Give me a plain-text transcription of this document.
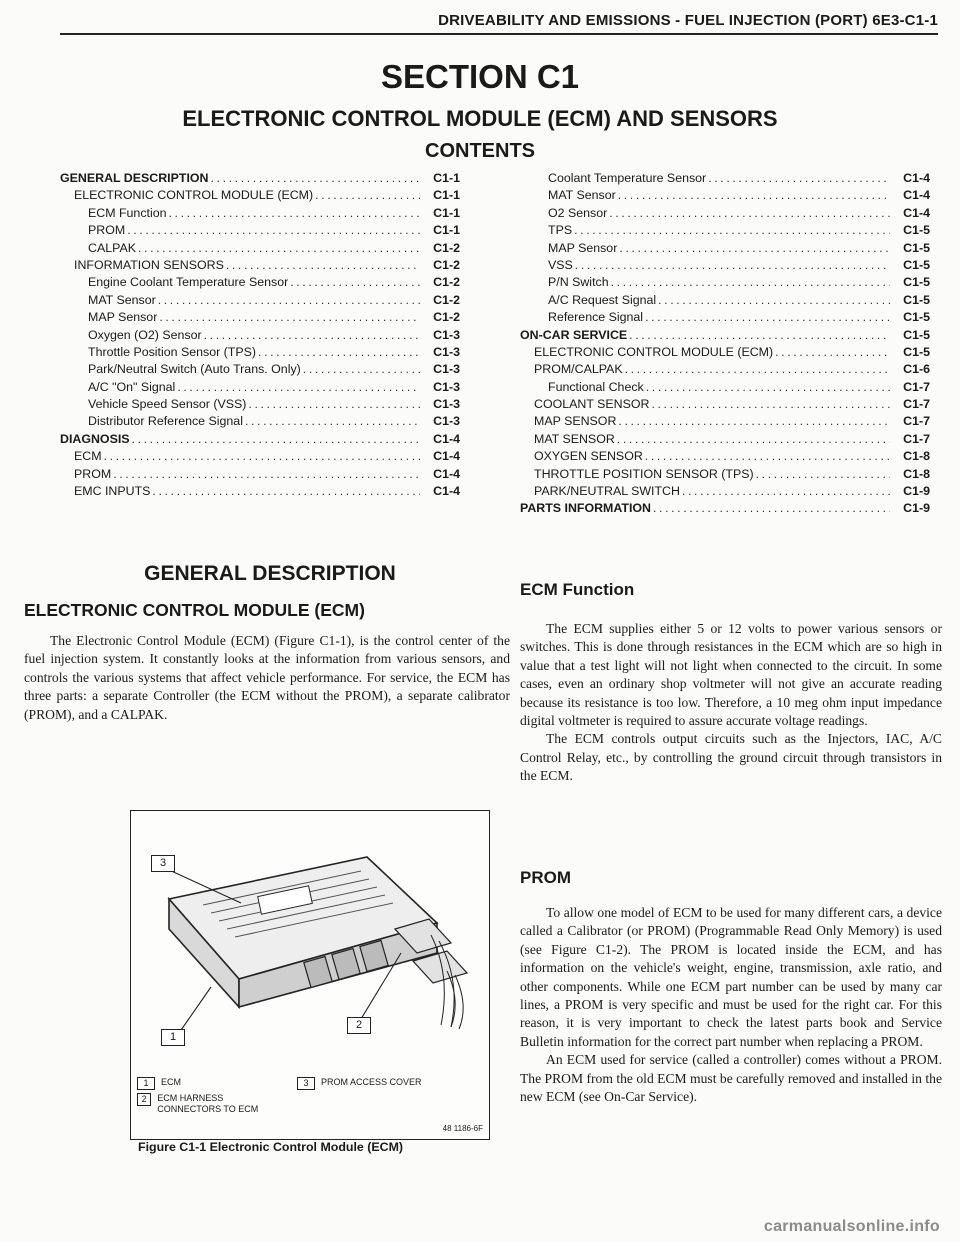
DRIVEABILITY AND EMISSIONS - FUEL INJECTION (PORT) 6E3-C1-1
SECTION C1
ELECTRONIC CONTROL MODULE (ECM) AND SENSORS
CONTENTS
GENERAL DESCRIPTION .....	C1-1
ELECTRONIC CONTROL MODULE (ECM) .....	C1-1
ECM Function .....	C1-1
PROM .....	C1-1
CALPAK .....	C1-2
INFORMATION SENSORS .....	C1-2
Engine Coolant Temperature Sensor .....	C1-2
MAT Sensor .....	C1-2
MAP Sensor .....	C1-2
Oxygen (O2) Sensor .....	C1-3
Throttle Position Sensor (TPS) .....	C1-3
Park/Neutral Switch (Auto Trans. Only) .....	C1-3
A/C "On" Signal .....	C1-3
Vehicle Speed Sensor (VSS) .....	C1-3
Distributor Reference Signal .....	C1-3
DIAGNOSIS .....	C1-4
ECM .....	C1-4
PROM .....	C1-4
EMC INPUTS .....	C1-4
Coolant Temperature Sensor .....	C1-4
MAT Sensor .....	C1-4
O2 Sensor .....	C1-4
TPS .....	C1-5
MAP Sensor .....	C1-5
VSS .....	C1-5
P/N Switch .....	C1-5
A/C Request Signal .....	C1-5
Reference Signal .....	C1-5
ON-CAR SERVICE .....	C1-5
ELECTRONIC CONTROL MODULE (ECM) .....	C1-5
PROM/CALPAK .....	C1-6
Functional Check .....	C1-7
COOLANT SENSOR .....	C1-7
MAP SENSOR .....	C1-7
MAT SENSOR .....	C1-7
OXYGEN SENSOR .....	C1-8
THROTTLE POSITION SENSOR (TPS) .....	C1-8
PARK/NEUTRAL SWITCH .....	C1-9
PARTS INFORMATION .....	C1-9
GENERAL DESCRIPTION
ELECTRONIC CONTROL MODULE (ECM)

The Electronic Control Module (ECM) (Figure C1-1), is the control center of the fuel injection system. It constantly looks at the information from various sensors, and controls the various systems that affect vehicle performance. For service, the ECM has three parts: a separate Controller (the ECM without the PROM), a separate calibrator (PROM), and a CALPAK.

3
1
2
1	ECM	3	PROM ACCESS COVER
2	ECM HARNESS CONNECTORS TO ECM
48 1186-6F
Figure C1-1 Electronic Control Module (ECM)
ECM Function

The ECM supplies either 5 or 12 volts to power various sensors or switches. This is done through resistances in the ECM which are so high in value that a test light will not light when connected to the circuit. In some cases, even an ordinary shop voltmeter will not give an accurate reading because its resistance is too low. Therefore, a 10 meg ohm input impedance digital voltmeter is required to assure accurate voltage readings.

The ECM controls output circuits such as the Injectors, IAC, A/C Control Relay, etc., by controlling the ground circuit through transistors in the ECM.

PROM

To allow one model of ECM to be used for many different cars, a device called a Calibrator (or PROM) (Programmable Read Only Memory) is used (see Figure C1-2). The PROM is located inside the ECM, and has information on the vehicle's weight, engine, transmission, axle ratio, and other components. While one ECM part number can be used by many car lines, a PROM is very specific and must be used for the right car. For this reason, it is very important to check the latest parts book and Service Bulletin information for the correct part number when replacing a PROM.

An ECM used for service (called a controller) comes without a PROM. The PROM from the old ECM must be carefully removed and installed in the new ECM (see On-Car Service).

carmanualsonline.info
